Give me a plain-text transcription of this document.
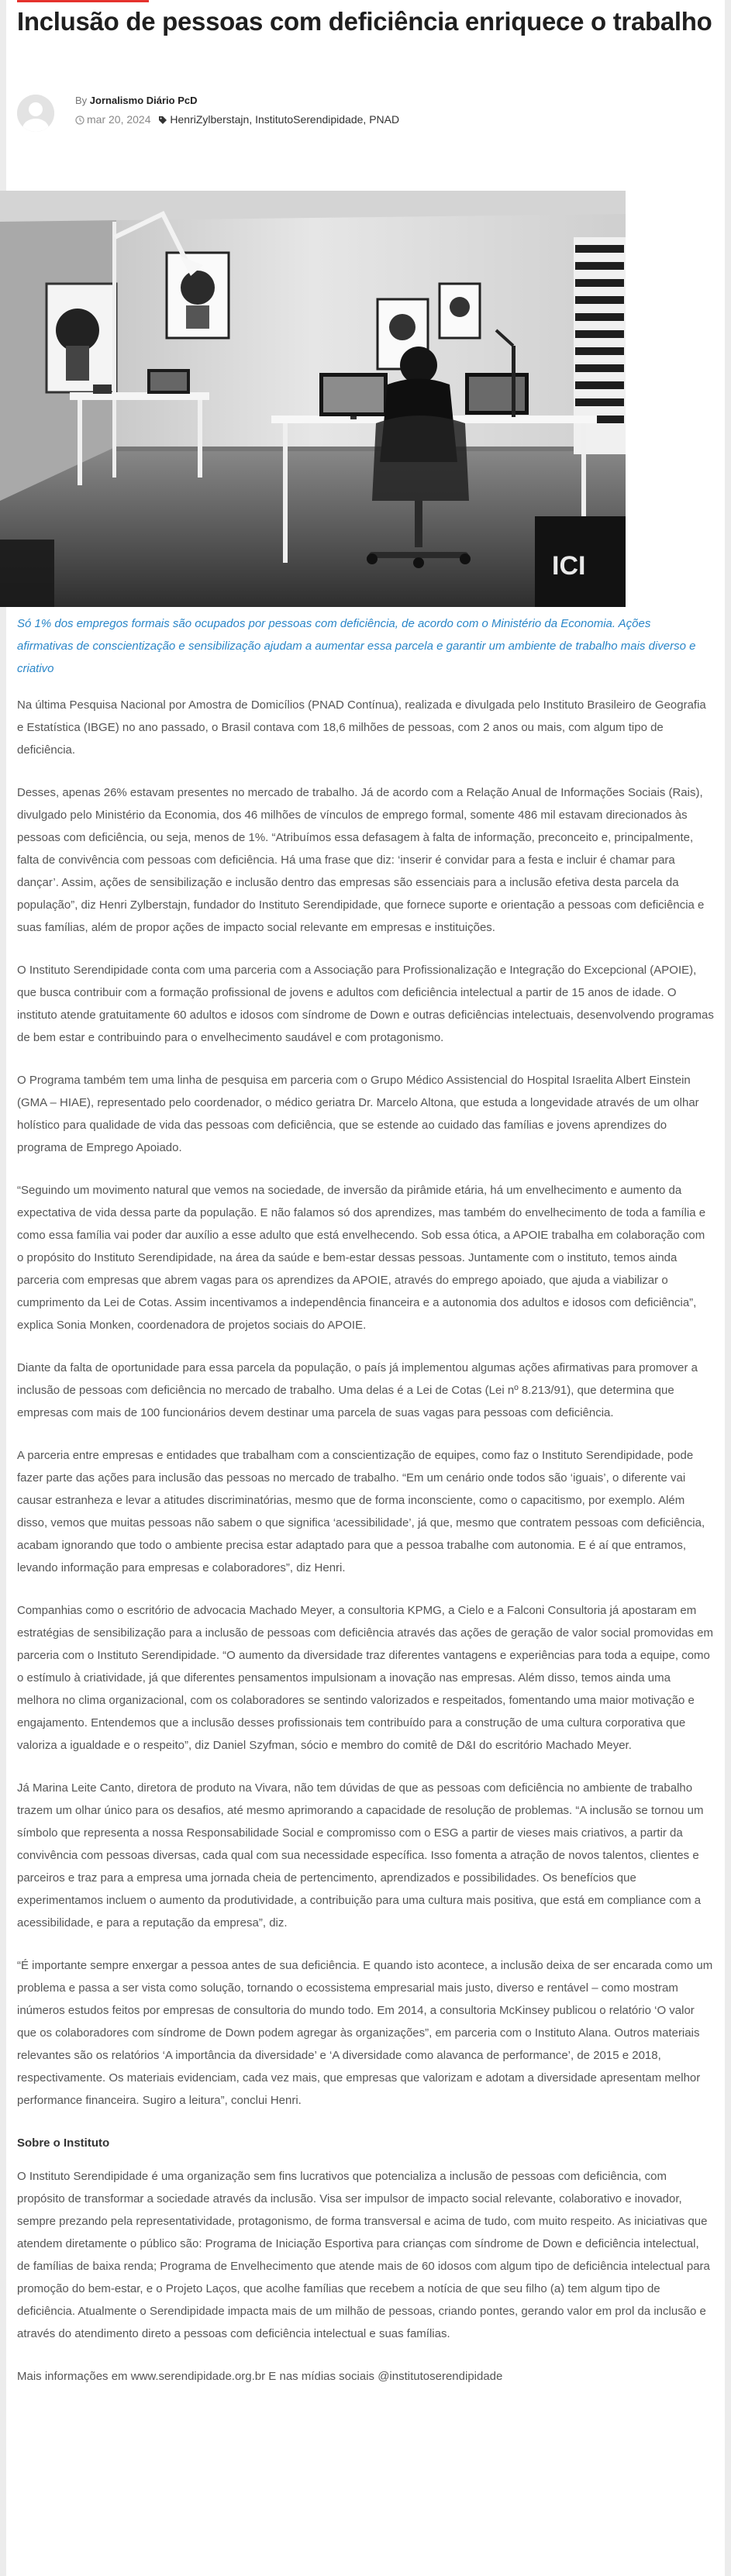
Inclusão de pessoas com deficiência enriquece o trabalho
By Jornalismo Diário PcD
mar 20, 2024 HenriZylberstajn, InstitutoSerendipidade, PNAD
ICI

Só 1% dos empregos formais são ocupados por pessoas com deficiência, de acordo com o Ministério da Economia. Ações afirmativas de conscientização e sensibilização ajudam a aumentar essa parcela e garantir um ambiente de trabalho mais diverso e criativo

Na última Pesquisa Nacional por Amostra de Domicílios (PNAD Contínua), realizada e divulgada pelo Instituto Brasileiro de Geografia e Estatística (IBGE) no ano passado, o Brasil contava com 18,6 milhões de pessoas, com 2 anos ou mais, com algum tipo de deficiência.

Desses, apenas 26% estavam presentes no mercado de trabalho. Já de acordo com a Relação Anual de Informações Sociais (Rais), divulgado pelo Ministério da Economia, dos 46 milhões de vínculos de emprego formal, somente 486 mil estavam direcionados às pessoas com deficiência, ou seja, menos de 1%. “Atribuímos essa defasagem à falta de informação, preconceito e, principalmente, falta de convivência com pessoas com deficiência. Há uma frase que diz: ‘inserir é convidar para a festa e incluir é chamar para dançar’. Assim, ações de sensibilização e inclusão dentro das empresas são essenciais para a inclusão efetiva desta parcela da população”, diz Henri Zylberstajn, fundador do Instituto Serendipidade, que fornece suporte e orientação a pessoas com deficiência e suas famílias, além de propor ações de impacto social relevante em empresas e instituições.

O Instituto Serendipidade conta com uma parceria com a Associação para Profissionalização e Integração do Excepcional (APOIE), que busca contribuir com a formação profissional de jovens e adultos com deficiência intelectual a partir de 15 anos de idade. O instituto atende gratuitamente 60 adultos e idosos com síndrome de Down e outras deficiências intelectuais, desenvolvendo programas de bem estar e contribuindo para o envelhecimento saudável e com protagonismo.

O Programa também tem uma linha de pesquisa em parceria com o Grupo Médico Assistencial do Hospital Israelita Albert Einstein (GMA – HIAE), representado pelo coordenador, o médico geriatra Dr. Marcelo Altona, que estuda a longevidade através de um olhar holístico para qualidade de vida das pessoas com deficiência, que se estende ao cuidado das famílias e jovens aprendizes do programa de Emprego Apoiado.

“Seguindo um movimento natural que vemos na sociedade, de inversão da pirâmide etária, há um envelhecimento e aumento da expectativa de vida dessa parte da população. E não falamos só dos aprendizes, mas também do envelhecimento de toda a família e como essa família vai poder dar auxílio a esse adulto que está envelhecendo. Sob essa ótica, a APOIE trabalha em colaboração com o propósito do Instituto Serendipidade, na área da saúde e bem-estar dessas pessoas. Juntamente com o instituto, temos ainda parceria com empresas que abrem vagas para os aprendizes da APOIE, através do emprego apoiado, que ajuda a viabilizar o cumprimento da Lei de Cotas. Assim incentivamos a independência financeira e a autonomia dos adultos e idosos com deficiência”, explica Sonia Monken, coordenadora de projetos sociais do APOIE.

Diante da falta de oportunidade para essa parcela da população, o país já implementou algumas ações afirmativas para promover a inclusão de pessoas com deficiência no mercado de trabalho. Uma delas é a Lei de Cotas (Lei nº 8.213/91), que determina que empresas com mais de 100 funcionários devem destinar uma parcela de suas vagas para pessoas com deficiência.

A parceria entre empresas e entidades que trabalham com a conscientização de equipes, como faz o Instituto Serendipidade, pode fazer parte das ações para inclusão das pessoas no mercado de trabalho. “Em um cenário onde todos são ‘iguais’, o diferente vai causar estranheza e levar a atitudes discriminatórias, mesmo que de forma inconsciente, como o capacitismo, por exemplo. Além disso, vemos que muitas pessoas não sabem o que significa ‘acessibilidade’, já que, mesmo que contratem pessoas com deficiência, acabam ignorando que todo o ambiente precisa estar adaptado para que a pessoa trabalhe com autonomia. E é aí que entramos, levando informação para empresas e colaboradores”, diz Henri.

Companhias como o escritório de advocacia Machado Meyer, a consultoria KPMG, a Cielo e a Falconi Consultoria já apostaram em estratégias de sensibilização para a inclusão de pessoas com deficiência através das ações de geração de valor social promovidas em parceria com o Instituto Serendipidade. “O aumento da diversidade traz diferentes vantagens e experiências para toda a equipe, como o estímulo à criatividade, já que diferentes pensamentos impulsionam a inovação nas empresas. Além disso, temos ainda uma melhora no clima organizacional, com os colaboradores se sentindo valorizados e respeitados, fomentando uma maior motivação e engajamento. Entendemos que a inclusão desses profissionais tem contribuído para a construção de uma cultura corporativa que valoriza a igualdade e o respeito”, diz Daniel Szyfman, sócio e membro do comitê de D&I do escritório Machado Meyer.

Já Marina Leite Canto, diretora de produto na Vivara, não tem dúvidas de que as pessoas com deficiência no ambiente de trabalho trazem um olhar único para os desafios, até mesmo aprimorando a capacidade de resolução de problemas. “A inclusão se tornou um símbolo que representa a nossa Responsabilidade Social e compromisso com o ESG a partir de vieses mais criativos, a partir da convivência com pessoas diversas, cada qual com sua necessidade específica. Isso fomenta a atração de novos talentos, clientes e parceiros e traz para a empresa uma jornada cheia de pertencimento, aprendizados e possibilidades. Os benefícios que experimentamos incluem o aumento da produtividade, a contribuição para uma cultura mais positiva, que está em compliance com a acessibilidade, e para a reputação da empresa”, diz.

“É importante sempre enxergar a pessoa antes de sua deficiência. E quando isto acontece, a inclusão deixa de ser encarada como um problema e passa a ser vista como solução, tornando o ecossistema empresarial mais justo, diverso e rentável – como mostram inúmeros estudos feitos por empresas de consultoria do mundo todo. Em 2014, a consultoria McKinsey publicou o relatório ‘O valor que os colaboradores com síndrome de Down podem agregar às organizações”, em parceria com o Instituto Alana. Outros materiais relevantes são os relatórios ‘A importância da diversidade’ e ‘A diversidade como alavanca de performance’, de 2015 e 2018, respectivamente. Os materiais evidenciam, cada vez mais, que empresas que valorizam e adotam a diversidade apresentam melhor performance financeira. Sugiro a leitura”, conclui Henri.

Sobre o Instituto

O Instituto Serendipidade é uma organização sem fins lucrativos que potencializa a inclusão de pessoas com deficiência, com propósito de transformar a sociedade através da inclusão. Visa ser impulsor de impacto social relevante, colaborativo e inovador, sempre prezando pela representatividade, protagonismo, de forma transversal e acima de tudo, com muito respeito. As iniciativas que atendem diretamente o público são: Programa de Iniciação Esportiva para crianças com síndrome de Down e deficiência intelectual, de famílias de baixa renda; Programa de Envelhecimento que atende mais de 60 idosos com algum tipo de deficiência intelectual para promoção do bem-estar, e o Projeto Laços, que acolhe famílias que recebem a notícia de que seu filho (a) tem algum tipo de deficiência. Atualmente o Serendipidade impacta mais de um milhão de pessoas, criando pontes, gerando valor em prol da inclusão e através do atendimento direto a pessoas com deficiência intelectual e suas famílias.

Mais informações em www.serendipidade.org.br E nas mídias sociais @institutoserendipidade
